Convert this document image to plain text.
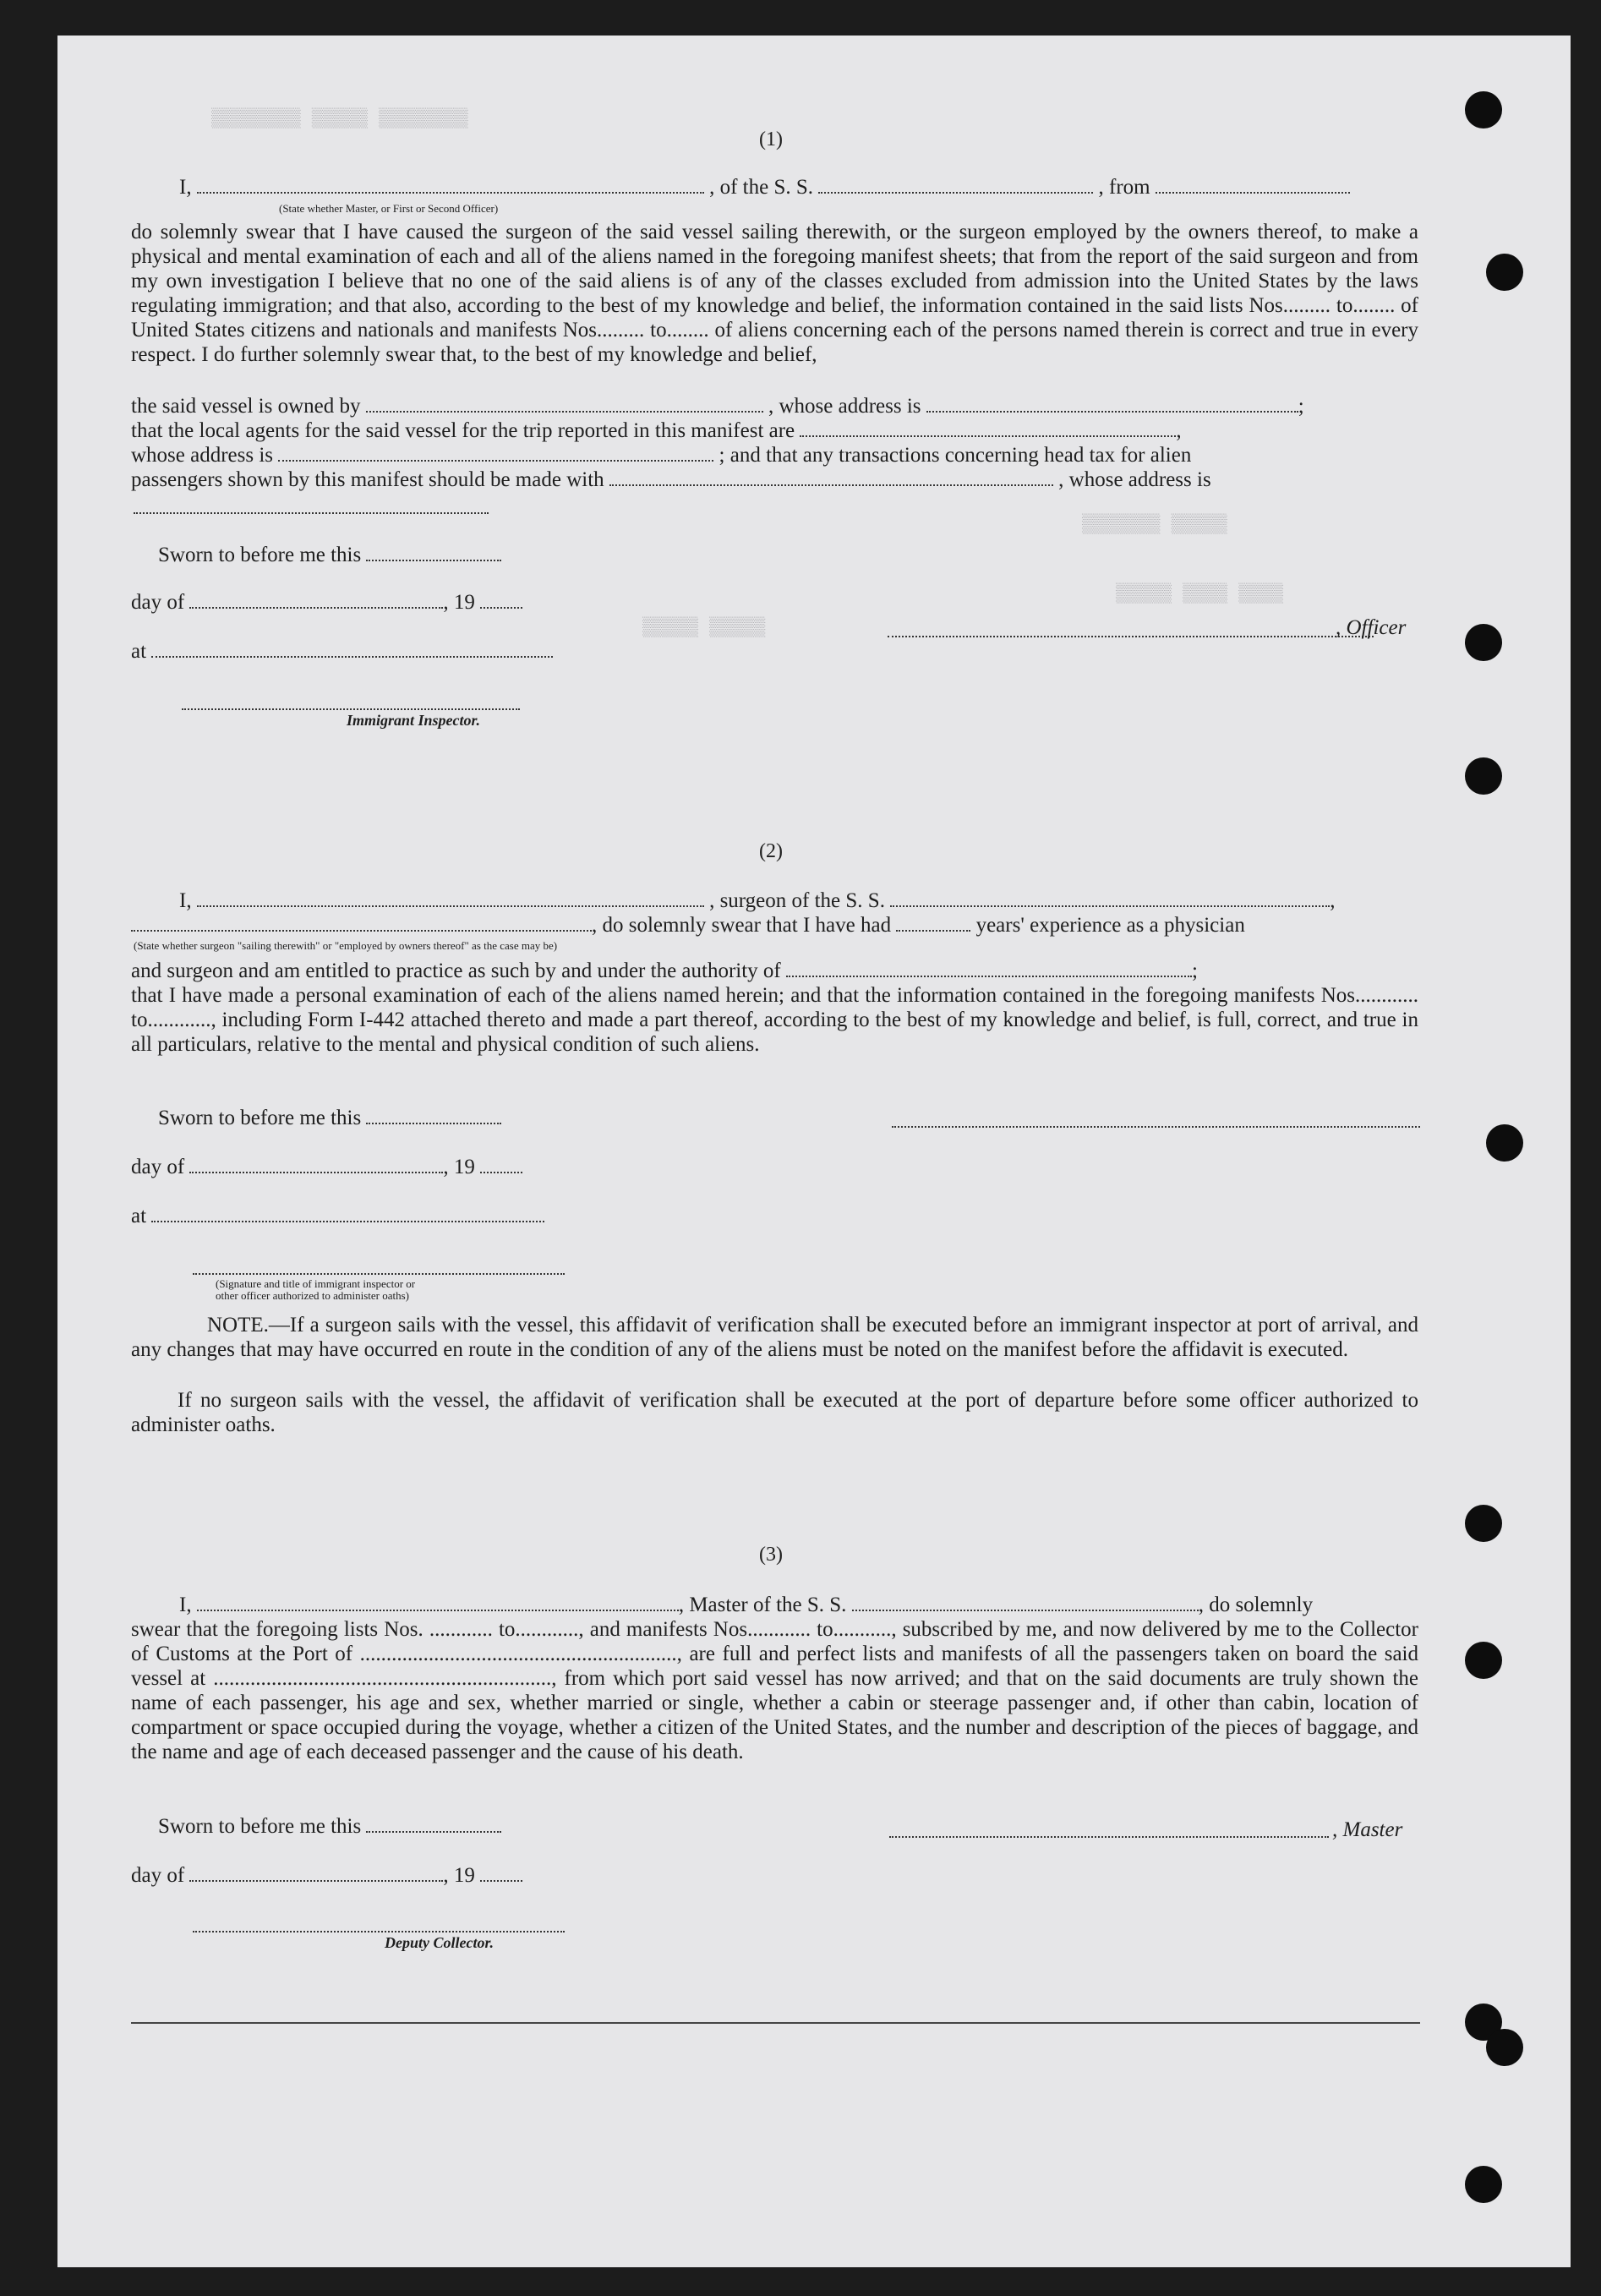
▒▒▒▒▒▒▒▒ ▒▒▒▒▒ ▒▒▒▒▒▒▒▒
▒▒▒▒▒ ▒▒▒▒▒▒▒
▒▒▒▒ ▒▒▒▒ ▒▒▒▒▒
▒▒▒▒▒ ▒▒▒▒▒
(1)
I,	, of the S. S.	, from
(State whether Master, or First or Second Officer)
do solemnly swear that I have caused the surgeon of the said vessel sailing therewith, or the surgeon employed by the owners thereof, to make a physical and mental examination of each and all of the aliens named in the foregoing manifest sheets; that from the report of the said surgeon and from my own investigation I believe that no one of the said aliens is of any of the classes excluded from admission into the United States by the laws regulating immigration; and that also, according to the best of my knowledge and belief, the information contained in the said lists Nos......... to........ of United States citizens and nationals and manifests Nos......... to........ of aliens concerning each of the persons named therein is correct and true in every respect. I do further solemnly swear that, to the best of my knowledge and belief,
the said vessel is owned by	, whose address is	;
that the local agents for the said vessel for the trip reported in this manifest are	,
whose address is	; and that any transactions concerning head tax for alien
passengers shown by this manifest should be made with	, whose address is
Sworn to before me this
day of	, 19
, Officer
at
Immigrant Inspector.
(2)
I,	, surgeon of the S. S.	,
, do solemnly swear that I have had	years' experience as a physician
(State whether surgeon "sailing therewith" or "employed by owners thereof" as the case may be)
and surgeon and am entitled to practice as such by and under the authority of	;
that I have made a personal examination of each of the aliens named herein; and that the information contained in the foregoing manifests Nos............ to............, including Form I-442 attached thereto and made a part thereof, according to the best of my knowledge and belief, is full, correct, and true in all particulars, relative to the mental and physical condition of such aliens.
Sworn to before me this
day of	, 19
at
(Signature and title of immigrant inspector or
other officer authorized to administer oaths)
NOTE.—If a surgeon sails with the vessel, this affidavit of verification shall be executed before an immigrant inspector at port of arrival, and any changes that may have occurred en route in the condition of any of the aliens must be noted on the manifest before the affidavit is executed.
If no surgeon sails with the vessel, the affidavit of verification shall be executed at the port of departure before some officer authorized to administer oaths.
(3)
I,	, Master of the S. S.	, do solemnly
swear that the foregoing lists Nos. ............ to............, and manifests Nos............ to..........., subscribed by me, and now delivered by me to the Collector of Customs at the Port of ............................................................, are full and perfect lists and manifests of all the passengers taken on board the said vessel at ................................................................, from which port said vessel has now arrived; and that on the said documents are truly shown the name of each passenger, his age and sex, whether married or single, whether a cabin or steerage passenger and, if other than cabin, location of compartment or space occupied during the voyage, whether a citizen of the United States, and the number and description of the pieces of baggage, and the name and age of each deceased passenger and the cause of his death.
Sworn to before me this	, Master
day of	, 19
Deputy Collector.
